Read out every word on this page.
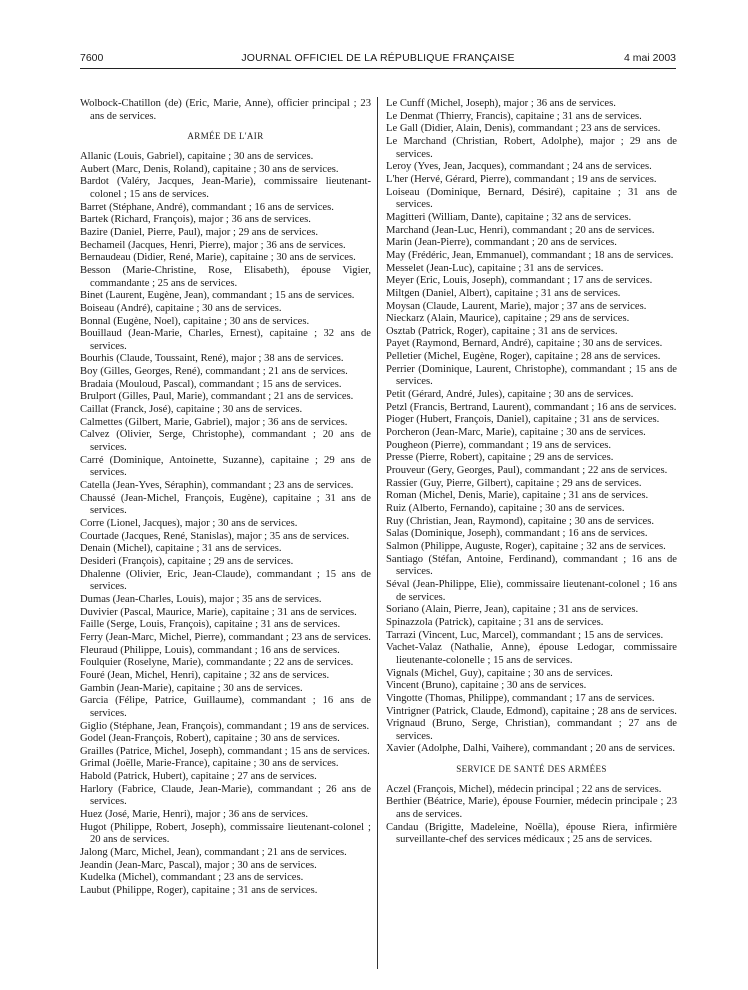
7600	JOURNAL OFFICIEL DE LA RÉPUBLIQUE FRANÇAISE	4 mai 2003
Wolbock-Chatillon (de) (Eric, Marie, Anne), officier principal ; 23 ans de services.
ARMÉE DE L'AIR
Allanic (Louis, Gabriel), capitaine ; 30 ans de services.
Aubert (Marc, Denis, Roland), capitaine ; 30 ans de services.
Bardot (Valéry, Jacques, Jean-Marie), commissaire lieutenant-colonel ; 15 ans de services.
Barret (Stéphane, André), commandant ; 16 ans de services.
Bartek (Richard, François), major ; 36 ans de services.
Bazire (Daniel, Pierre, Paul), major ; 29 ans de services.
Bechameil (Jacques, Henri, Pierre), major ; 36 ans de services.
Bernaudeau (Didier, René, Marie), capitaine ; 30 ans de services.
Besson (Marie-Christine, Rose, Elisabeth), épouse Vigier, commandante ; 25 ans de services.
Binet (Laurent, Eugène, Jean), commandant ; 15 ans de services.
Boiseau (André), capitaine ; 30 ans de services.
Bonnal (Eugène, Noel), capitaine ; 30 ans de services.
Bouillaud (Jean-Marie, Charles, Ernest), capitaine ; 32 ans de services.
Bourhis (Claude, Toussaint, René), major ; 38 ans de services.
Boy (Gilles, Georges, René), commandant ; 21 ans de services.
Bradaia (Mouloud, Pascal), commandant ; 15 ans de services.
Brulport (Gilles, Paul, Marie), commandant ; 21 ans de services.
Caillat (Franck, José), capitaine ; 30 ans de services.
Calmettes (Gilbert, Marie, Gabriel), major ; 36 ans de services.
Calvez (Olivier, Serge, Christophe), commandant ; 20 ans de services.
Carré (Dominique, Antoinette, Suzanne), capitaine ; 29 ans de services.
Catella (Jean-Yves, Séraphin), commandant ; 23 ans de services.
Chaussé (Jean-Michel, François, Eugène), capitaine ; 31 ans de services.
Corre (Lionel, Jacques), major ; 30 ans de services.
Courtade (Jacques, René, Stanislas), major ; 35 ans de services.
Denain (Michel), capitaine ; 31 ans de services.
Desideri (François), capitaine ; 29 ans de services.
Dhalenne (Olivier, Eric, Jean-Claude), commandant ; 15 ans de services.
Dumas (Jean-Charles, Louis), major ; 35 ans de services.
Duvivier (Pascal, Maurice, Marie), capitaine ; 31 ans de services.
Faille (Serge, Louis, François), capitaine ; 31 ans de services.
Ferry (Jean-Marc, Michel, Pierre), commandant ; 23 ans de services.
Fleuraud (Philippe, Louis), commandant ; 16 ans de services.
Foulquier (Roselyne, Marie), commandante ; 22 ans de services.
Fouré (Jean, Michel, Henri), capitaine ; 32 ans de services.
Gambin (Jean-Marie), capitaine ; 30 ans de services.
Garcia (Félipe, Patrice, Guillaume), commandant ; 16 ans de services.
Giglio (Stéphane, Jean, François), commandant ; 19 ans de services.
Godel (Jean-François, Robert), capitaine ; 30 ans de services.
Grailles (Patrice, Michel, Joseph), commandant ; 15 ans de services.
Grimal (Joëlle, Marie-France), capitaine ; 30 ans de services.
Habold (Patrick, Hubert), capitaine ; 27 ans de services.
Harlory (Fabrice, Claude, Jean-Marie), commandant ; 26 ans de services.
Huez (José, Marie, Henri), major ; 36 ans de services.
Hugot (Philippe, Robert, Joseph), commissaire lieutenant-colonel ; 20 ans de services.
Jalong (Marc, Michel, Jean), commandant ; 21 ans de services.
Jeandin (Jean-Marc, Pascal), major ; 30 ans de services.
Kudelka (Michel), commandant ; 23 ans de services.
Laubut (Philippe, Roger), capitaine ; 31 ans de services.
Le Cunff (Michel, Joseph), major ; 36 ans de services.
Le Denmat (Thierry, Francis), capitaine ; 31 ans de services.
Le Gall (Didier, Alain, Denis), commandant ; 23 ans de services.
Le Marchand (Christian, Robert, Adolphe), major ; 29 ans de services.
Leroy (Yves, Jean, Jacques), commandant ; 24 ans de services.
L'her (Hervé, Gérard, Pierre), commandant ; 19 ans de services.
Loiseau (Dominique, Bernard, Désiré), capitaine ; 31 ans de services.
Magitteri (William, Dante), capitaine ; 32 ans de services.
Marchand (Jean-Luc, Henri), commandant ; 20 ans de services.
Marin (Jean-Pierre), commandant ; 20 ans de services.
May (Frédéric, Jean, Emmanuel), commandant ; 18 ans de services.
Messelet (Jean-Luc), capitaine ; 31 ans de services.
Meyer (Eric, Louis, Joseph), commandant ; 17 ans de services.
Miltgen (Daniel, Albert), capitaine ; 31 ans de services.
Moysan (Claude, Laurent, Marie), major ; 37 ans de services.
Nieckarz (Alain, Maurice), capitaine ; 29 ans de services.
Osztab (Patrick, Roger), capitaine ; 31 ans de services.
Payet (Raymond, Bernard, André), capitaine ; 30 ans de services.
Pelletier (Michel, Eugène, Roger), capitaine ; 28 ans de services.
Perrier (Dominique, Laurent, Christophe), commandant ; 15 ans de services.
Petit (Gérard, André, Jules), capitaine ; 30 ans de services.
Petzl (Francis, Bertrand, Laurent), commandant ; 16 ans de services.
Pioger (Hubert, François, Daniel), capitaine ; 31 ans de services.
Porcheron (Jean-Marc, Marie), capitaine ; 30 ans de services.
Pougheon (Pierre), commandant ; 19 ans de services.
Presse (Pierre, Robert), capitaine ; 29 ans de services.
Prouveur (Gery, Georges, Paul), commandant ; 22 ans de services.
Rassier (Guy, Pierre, Gilbert), capitaine ; 29 ans de services.
Roman (Michel, Denis, Marie), capitaine ; 31 ans de services.
Ruiz (Alberto, Fernando), capitaine ; 30 ans de services.
Ruy (Christian, Jean, Raymond), capitaine ; 30 ans de services.
Salas (Dominique, Joseph), commandant ; 16 ans de services.
Salmon (Philippe, Auguste, Roger), capitaine ; 32 ans de services.
Santiago (Stéfan, Antoine, Ferdinand), commandant ; 16 ans de services.
Séval (Jean-Philippe, Elie), commissaire lieutenant-colonel ; 16 ans de services.
Soriano (Alain, Pierre, Jean), capitaine ; 31 ans de services.
Spinazzola (Patrick), capitaine ; 31 ans de services.
Tarrazi (Vincent, Luc, Marcel), commandant ; 15 ans de services.
Vachet-Valaz (Nathalie, Anne), épouse Ledogar, commissaire lieutenante-colonelle ; 15 ans de services.
Vignals (Michel, Guy), capitaine ; 30 ans de services.
Vincent (Bruno), capitaine ; 30 ans de services.
Vingotte (Thomas, Philippe), commandant ; 17 ans de services.
Vintrigner (Patrick, Claude, Edmond), capitaine ; 28 ans de services.
Vrignaud (Bruno, Serge, Christian), commandant ; 27 ans de services.
Xavier (Adolphe, Dalhi, Vaihere), commandant ; 20 ans de services.
SERVICE DE SANTÉ DES ARMÉES
Aczel (François, Michel), médecin principal ; 22 ans de services.
Berthier (Béatrice, Marie), épouse Fournier, médecin principale ; 23 ans de services.
Candau (Brigitte, Madeleine, Noëlla), épouse Riera, infirmière surveillante-chef des services médicaux ; 25 ans de services.
